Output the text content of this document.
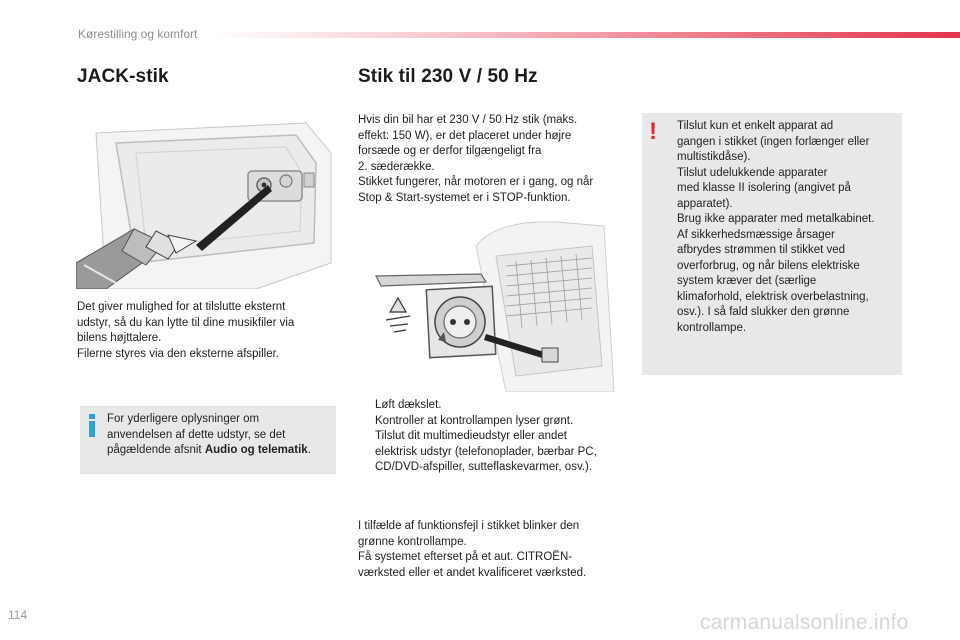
Kørestilling og komfort
JACK-stik	Stik til 230 V / 50 Hz
Det giver mulighed for at tilslutte eksternt
udstyr, så du kan lytte til dine musikfiler via
bilens højttalere.
Filerne styres via den eksterne afspiller.
For yderligere oplysninger om
anvendelsen af dette udstyr, se det
pågældende afsnit Audio og telematik.
Hvis din bil har et 230 V / 50 Hz stik (maks.
effekt: 150 W), er det placeret under højre
forsæde og er derfor tilgængeligt fra
2. sæderække.
Stikket fungerer, når motoren er i gang, og når
Stop & Start-systemet er i STOP-funktion.
Løft dækslet.
Kontroller at kontrollampen lyser grønt.
Tilslut dit multimedieudstyr eller andet
elektrisk udstyr (telefonoplader, bærbar PC,
CD/DVD-afspiller, sutteflaskevarmer, osv.).
I tilfælde af funktionsfejl i stikket blinker den
grønne kontrollampe.
Få systemet efterset på et aut. CITROËN-
værksted eller et andet kvalificeret værksted.
! Tilslut kun et enkelt apparat ad
gangen i stikket (ingen forlænger eller
multistikdåse).
Tilslut udelukkende apparater
med klasse II isolering (angivet på
apparatet).
Brug ikke apparater med metalkabinet.
Af sikkerhedsmæssige årsager
afbrydes strømmen til stikket ved
overforbrug, og når bilens elektriske
system kræver det (særlige
klimaforhold, elektrisk overbelastning,
osv.). I så fald slukker den grønne
kontrollampe.
114	carmanualsonline.info
